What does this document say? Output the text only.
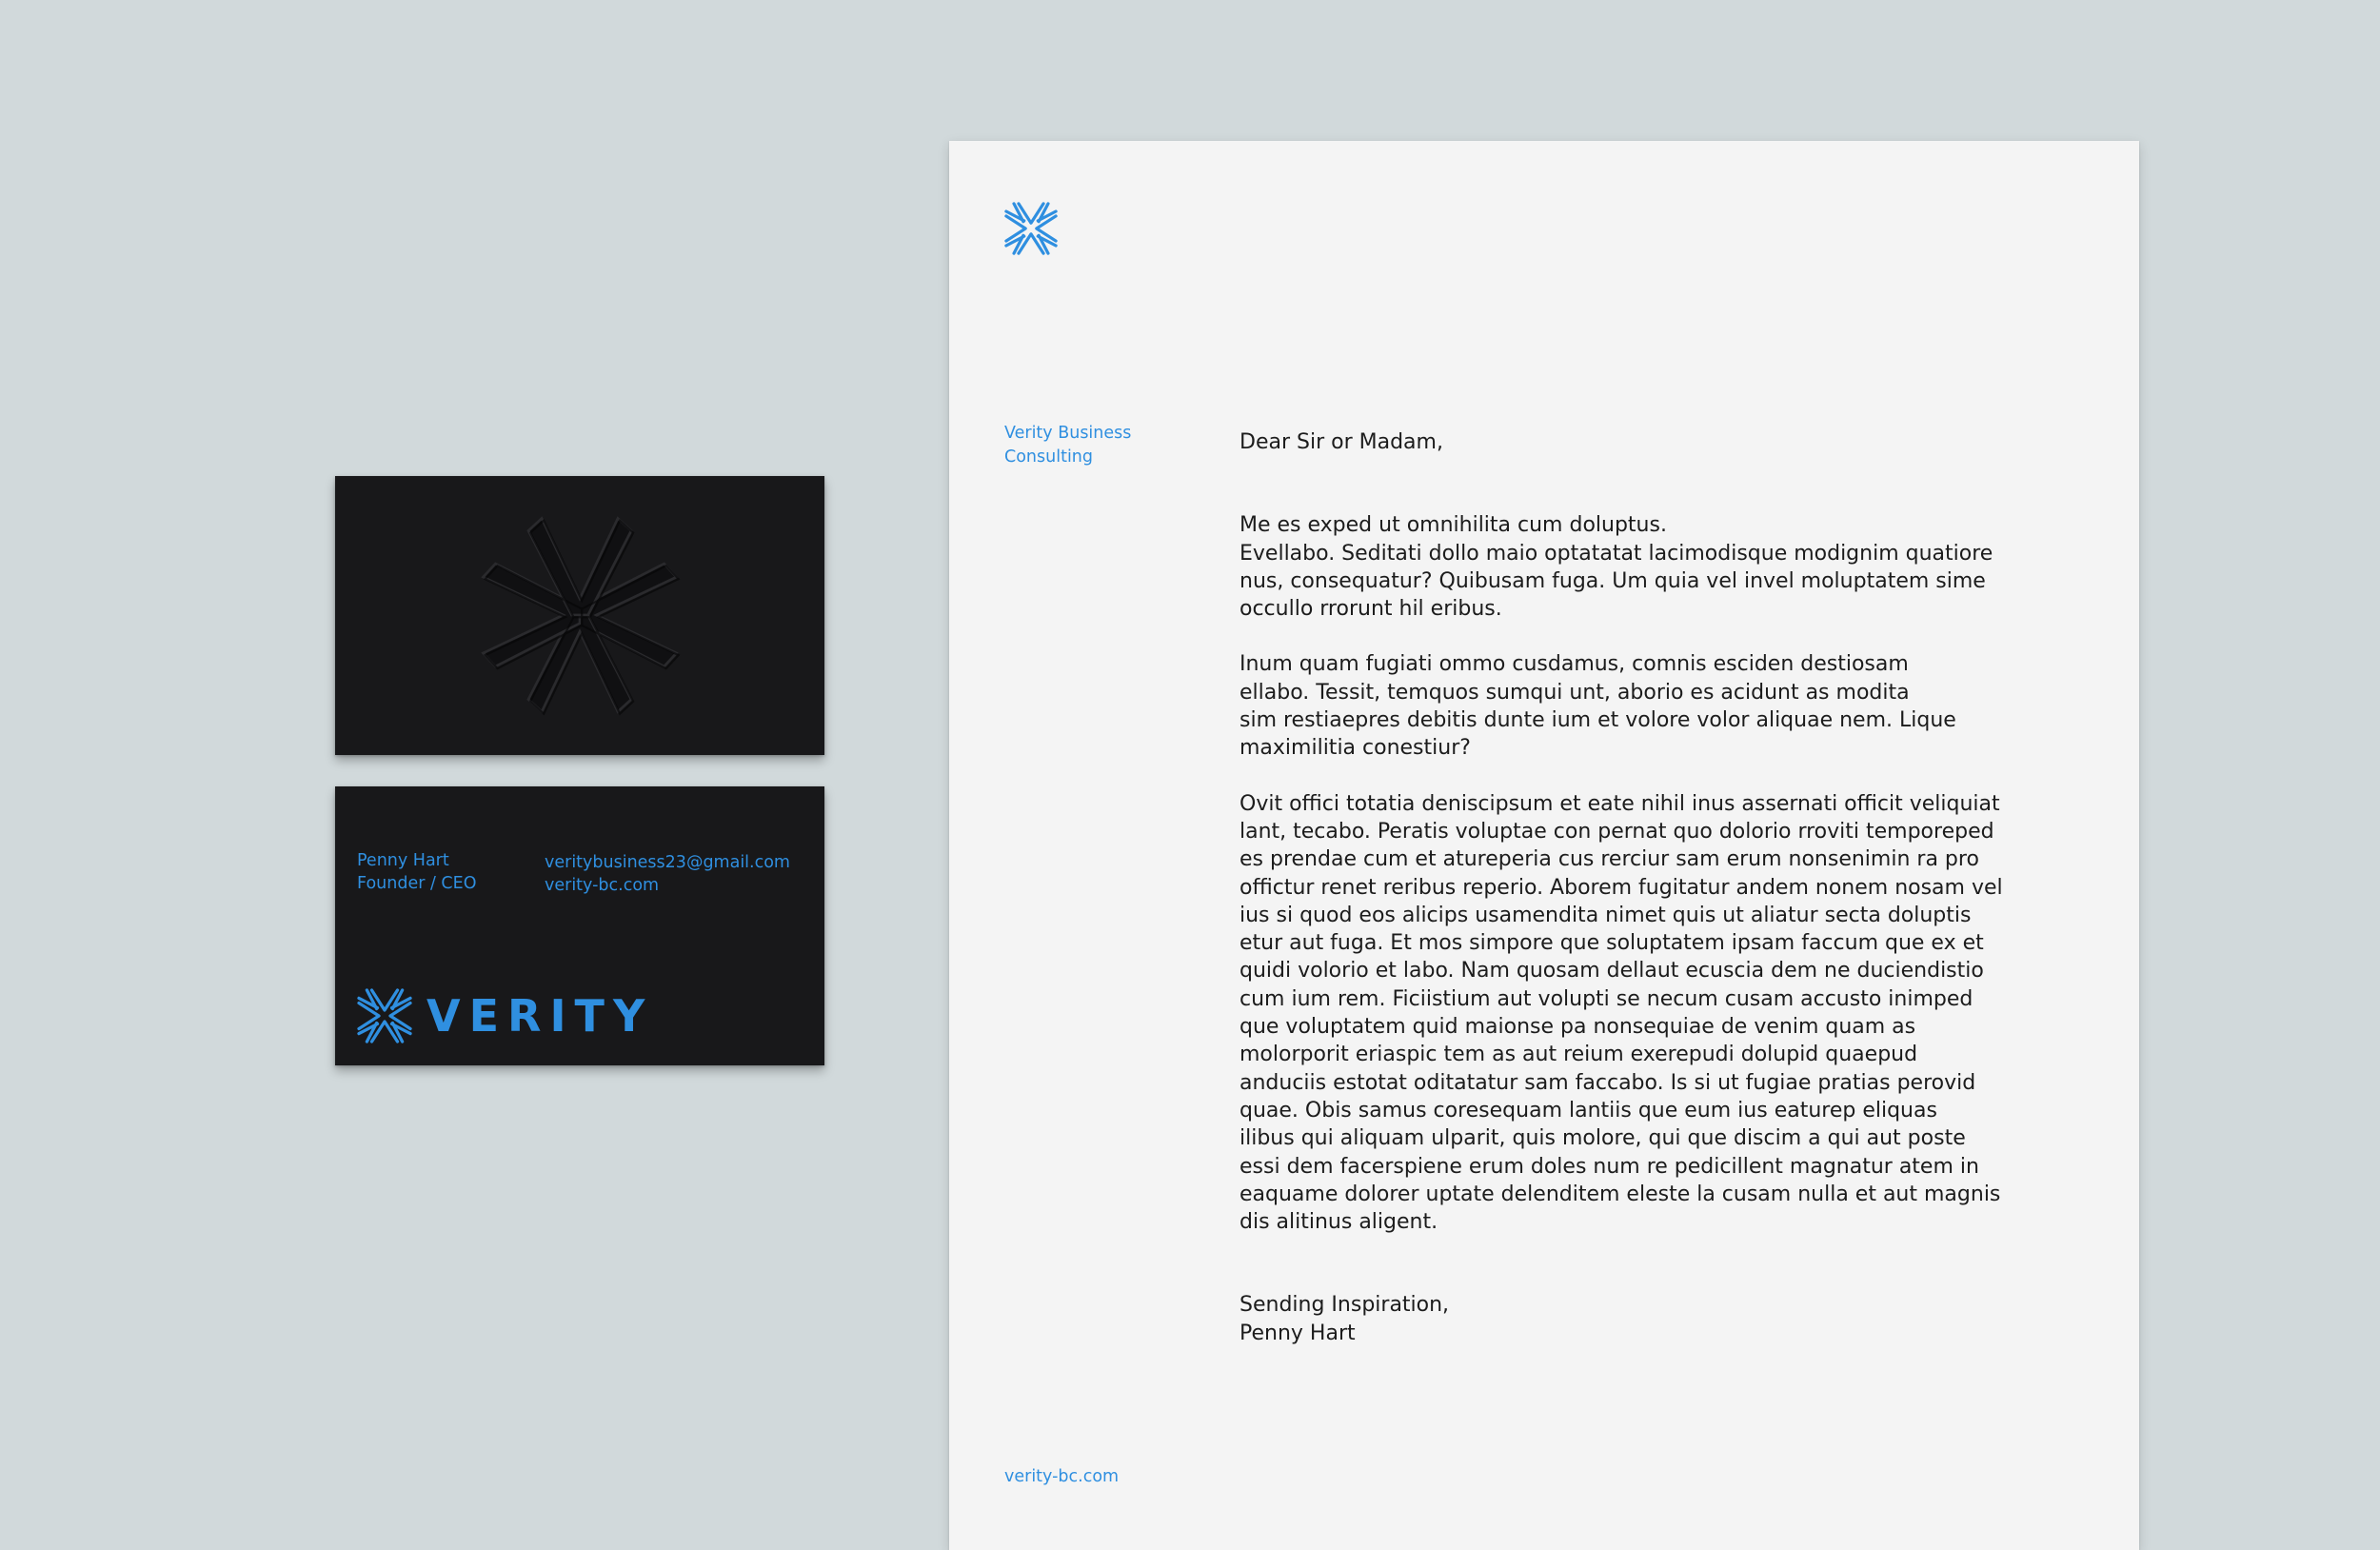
Penny Hart
Founder / CEO
veritybusiness23@gmail.com
verity-bc.com
VERITY
Verity Business
Consulting
Dear Sir or Madam,
Me es exped ut omnihilita cum doluptus.
Evellabo. Seditati dollo maio optatatat lacimodisque modignim quatiore
nus, consequatur? Quibusam fuga. Um quia vel invel moluptatem sime
occullo rrorunt hil eribus.
Inum quam fugiati ommo cusdamus, comnis esciden destiosam
ellabo. Tessit, temquos sumqui unt, aborio es acidunt as modita
sim restiaepres debitis dunte ium et volore volor aliquae nem. Lique
maximilitia conestiur?
Ovit offici totatia deniscipsum et eate nihil inus assernati officit veliquiat
lant, tecabo. Peratis voluptae con pernat quo dolorio rroviti temporeped
es prendae cum et atureperia cus rerciur sam erum nonsenimin ra pro
offictur renet reribus reperio. Aborem fugitatur andem nonem nosam vel
ius si quod eos alicips usamendita nimet quis ut aliatur secta doluptis
etur aut fuga. Et mos simpore que soluptatem ipsam faccum que ex et
quidi volorio et labo. Nam quosam dellaut ecuscia dem ne duciendistio
cum ium rem. Ficiistium aut volupti se necum cusam accusto inimped
que voluptatem quid maionse pa nonsequiae de venim quam as
molorporit eriaspic tem as aut reium exerepudi dolupid quaepud
anduciis estotat oditatatur sam faccabo. Is si ut fugiae pratias perovid
quae. Obis samus coresequam lantiis que eum ius eaturep eliquas
ilibus qui aliquam ulparit, quis molore, qui que discim a qui aut poste
essi dem facerspiene erum doles num re pedicillent magnatur atem in
eaquame dolorer uptate delenditem eleste la cusam nulla et aut magnis
dis alitinus aligent.
Sending Inspiration,
Penny Hart
verity-bc.com
